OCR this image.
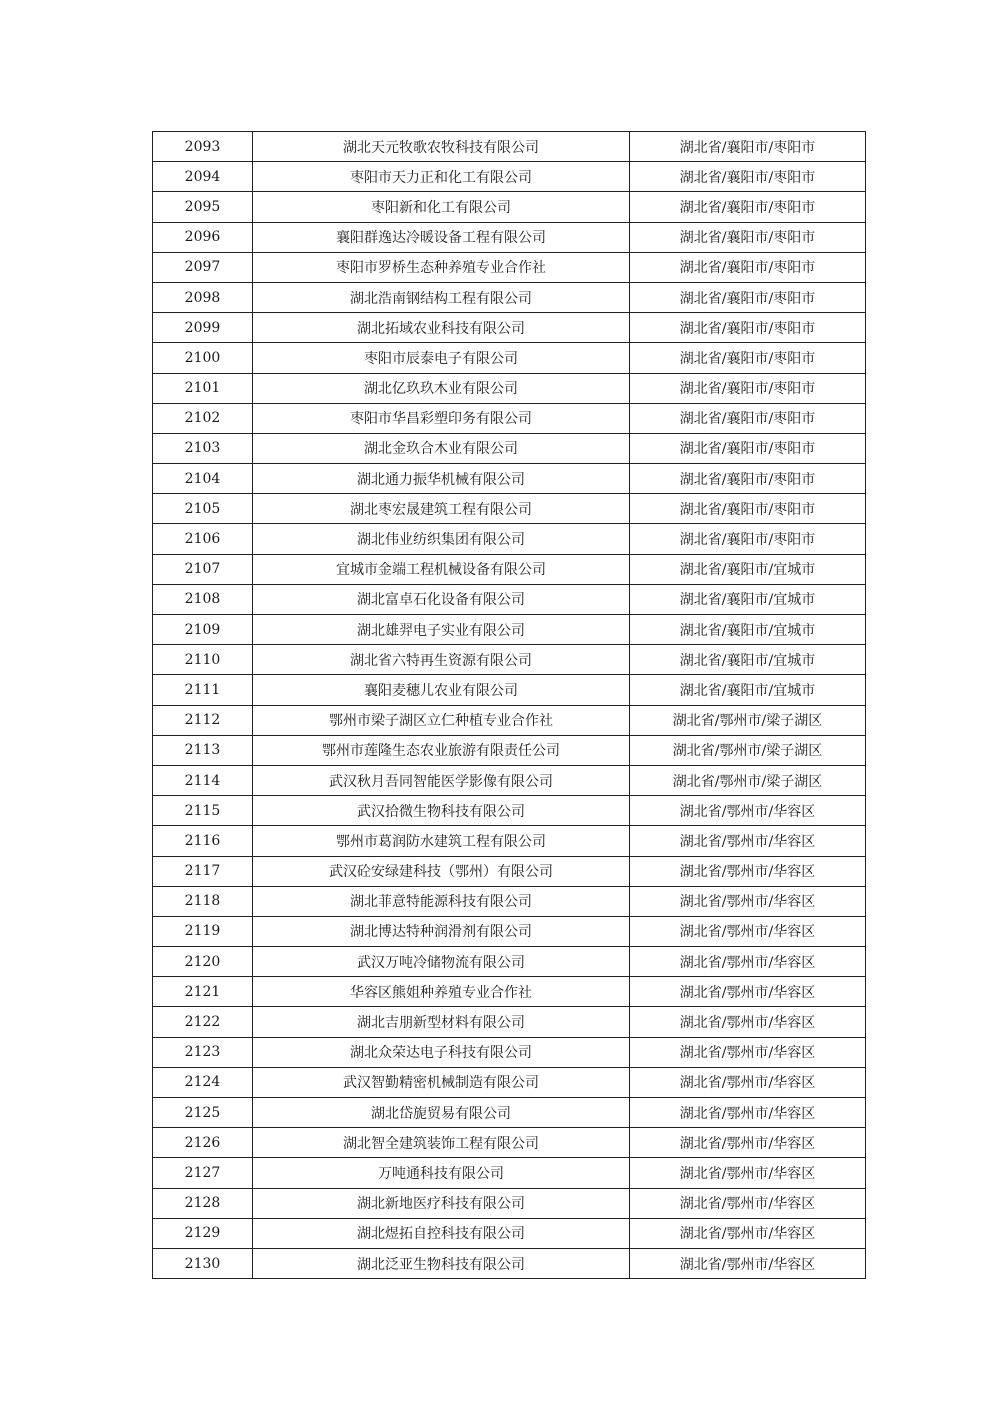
2093	湖北天元牧歌农牧科技有限公司	湖北省/襄阳市/枣阳市
2094	枣阳市天力正和化工有限公司	湖北省/襄阳市/枣阳市
2095	枣阳新和化工有限公司	湖北省/襄阳市/枣阳市
2096	襄阳群逸达冷暖设备工程有限公司	湖北省/襄阳市/枣阳市
2097	枣阳市罗桥生态种养殖专业合作社	湖北省/襄阳市/枣阳市
2098	湖北浩南钢结构工程有限公司	湖北省/襄阳市/枣阳市
2099	湖北拓域农业科技有限公司	湖北省/襄阳市/枣阳市
2100	枣阳市辰泰电子有限公司	湖北省/襄阳市/枣阳市
2101	湖北亿玖玖木业有限公司	湖北省/襄阳市/枣阳市
2102	枣阳市华昌彩塑印务有限公司	湖北省/襄阳市/枣阳市
2103	湖北金玖合木业有限公司	湖北省/襄阳市/枣阳市
2104	湖北通力振华机械有限公司	湖北省/襄阳市/枣阳市
2105	湖北枣宏晟建筑工程有限公司	湖北省/襄阳市/枣阳市
2106	湖北伟业纺织集团有限公司	湖北省/襄阳市/枣阳市
2107	宜城市金端工程机械设备有限公司	湖北省/襄阳市/宜城市
2108	湖北富卓石化设备有限公司	湖北省/襄阳市/宜城市
2109	湖北雄羿电子实业有限公司	湖北省/襄阳市/宜城市
2110	湖北省六特再生资源有限公司	湖北省/襄阳市/宜城市
2111	襄阳麦穗儿农业有限公司	湖北省/襄阳市/宜城市
2112	鄂州市梁子湖区立仁种植专业合作社	湖北省/鄂州市/梁子湖区
2113	鄂州市莲隆生态农业旅游有限责任公司	湖北省/鄂州市/梁子湖区
2114	武汉秋月吾同智能医学影像有限公司	湖北省/鄂州市/梁子湖区
2115	武汉拾微生物科技有限公司	湖北省/鄂州市/华容区
2116	鄂州市葛润防水建筑工程有限公司	湖北省/鄂州市/华容区
2117	武汉砼安绿建科技（鄂州）有限公司	湖北省/鄂州市/华容区
2118	湖北菲意特能源科技有限公司	湖北省/鄂州市/华容区
2119	湖北博达特种润滑剂有限公司	湖北省/鄂州市/华容区
2120	武汉万吨冷储物流有限公司	湖北省/鄂州市/华容区
2121	华容区熊姐种养殖专业合作社	湖北省/鄂州市/华容区
2122	湖北吉朋新型材料有限公司	湖北省/鄂州市/华容区
2123	湖北众荣达电子科技有限公司	湖北省/鄂州市/华容区
2124	武汉智勤精密机械制造有限公司	湖北省/鄂州市/华容区
2125	湖北岱旎贸易有限公司	湖北省/鄂州市/华容区
2126	湖北智全建筑装饰工程有限公司	湖北省/鄂州市/华容区
2127	万吨通科技有限公司	湖北省/鄂州市/华容区
2128	湖北新地医疗科技有限公司	湖北省/鄂州市/华容区
2129	湖北煜拓自控科技有限公司	湖北省/鄂州市/华容区
2130	湖北泛亚生物科技有限公司	湖北省/鄂州市/华容区
